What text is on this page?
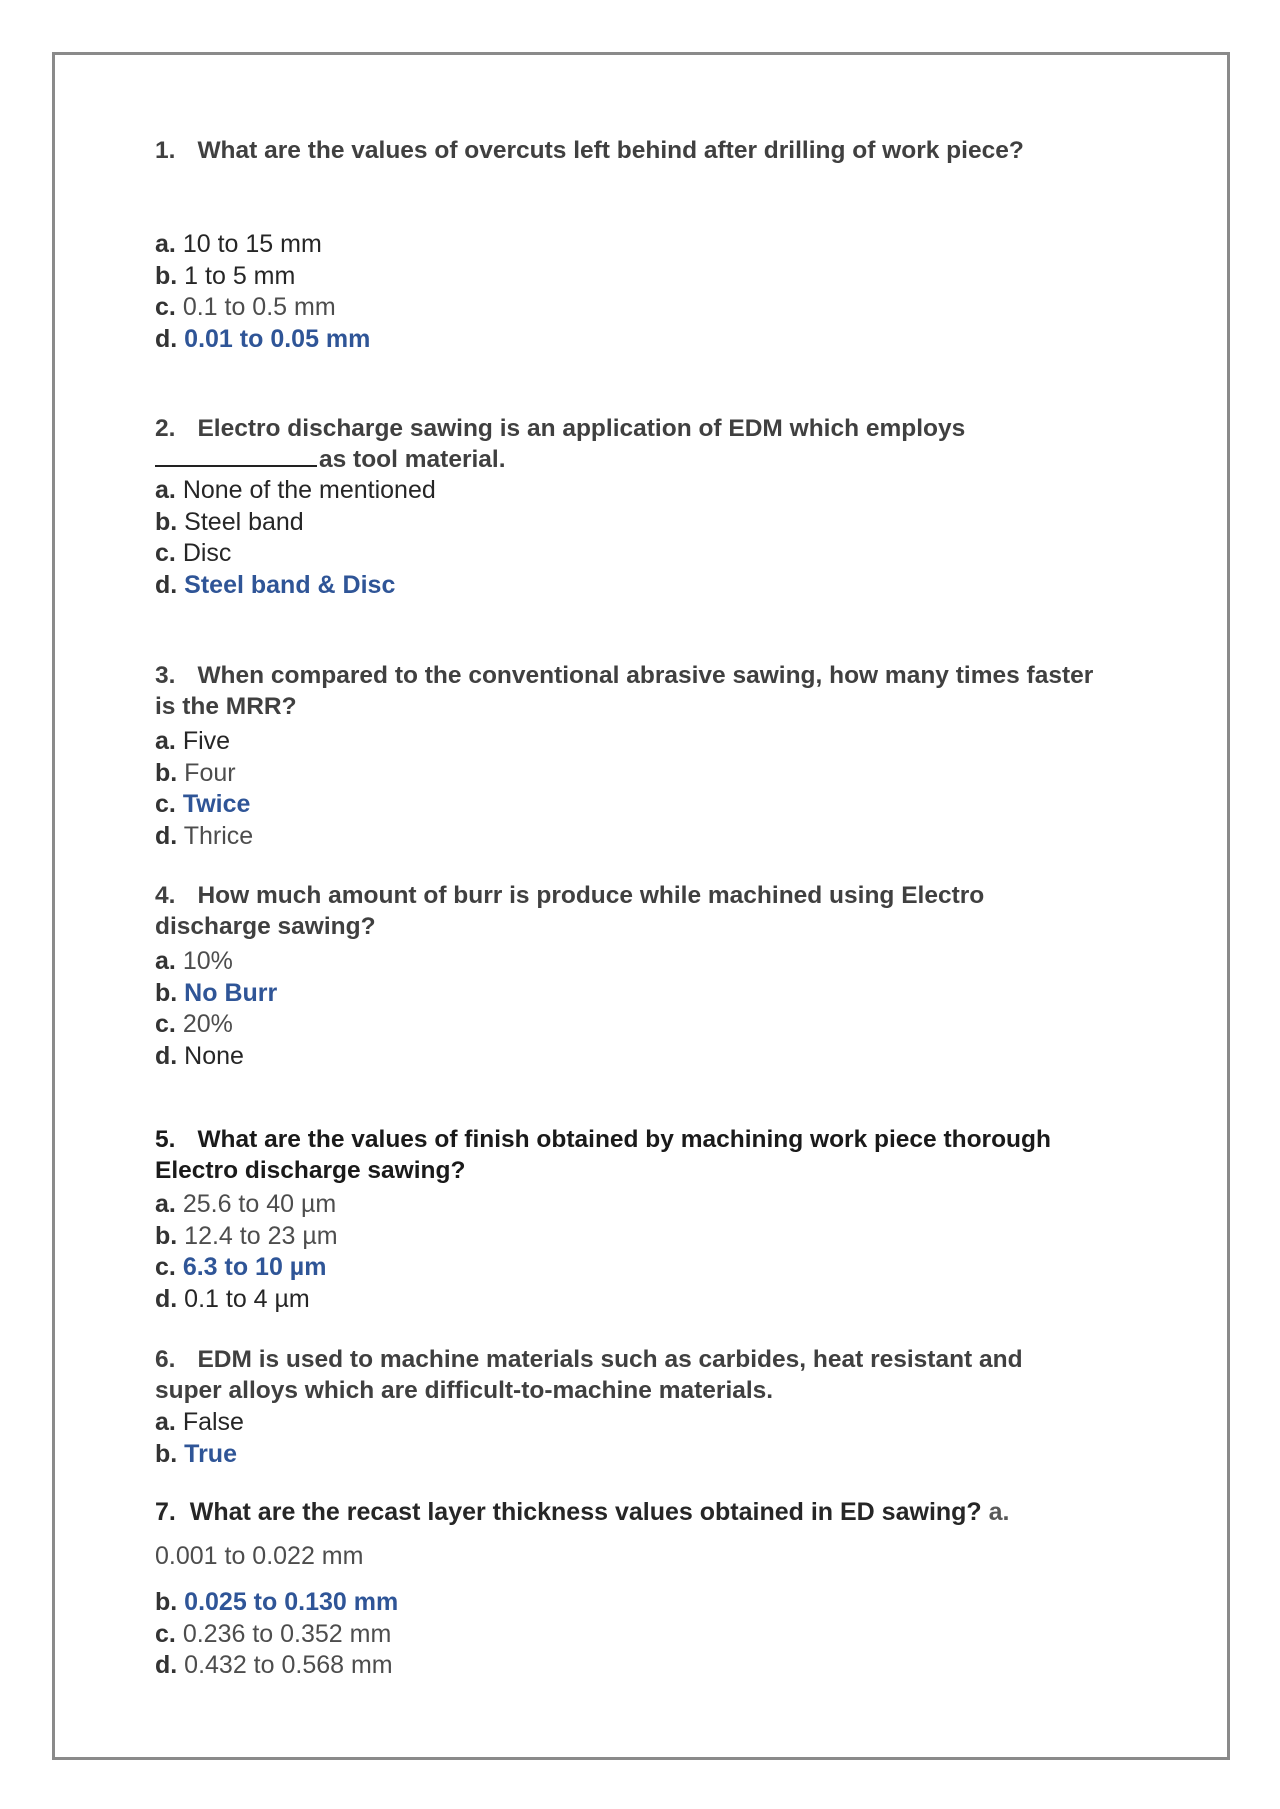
1. What are the values of overcuts left behind after drilling of work piece?
a. 10 to 15 mm
b. 1 to 5 mm
c. 0.1 to 0.5 mm
d. 0.01 to 0.05 mm
2. Electro discharge sawing is an application of EDM which employs
as tool material.
a. None of the mentioned
b. Steel band
c. Disc
d. Steel band & Disc
3. When compared to the conventional abrasive sawing, how many times faster is the MRR?
a. Five
b. Four
c. Twice
d. Thrice
4. How much amount of burr is produce while machined using Electro discharge sawing?
a. 10%
b. No Burr
c. 20%
d. None
5. What are the values of finish obtained by machining work piece thorough Electro discharge sawing?
a. 25.6 to 40 µm
b. 12.4 to 23 µm
c. 6.3 to 10 µm
d. 0.1 to 4 µm
6. EDM is used to machine materials such as carbides, heat resistant and super alloys which are difficult-to-machine materials.
a. False
b. True
7. What are the recast layer thickness values obtained in ED sawing? a.
0.001 to 0.022 mm
b. 0.025 to 0.130 mm
c. 0.236 to 0.352 mm
d. 0.432 to 0.568 mm
